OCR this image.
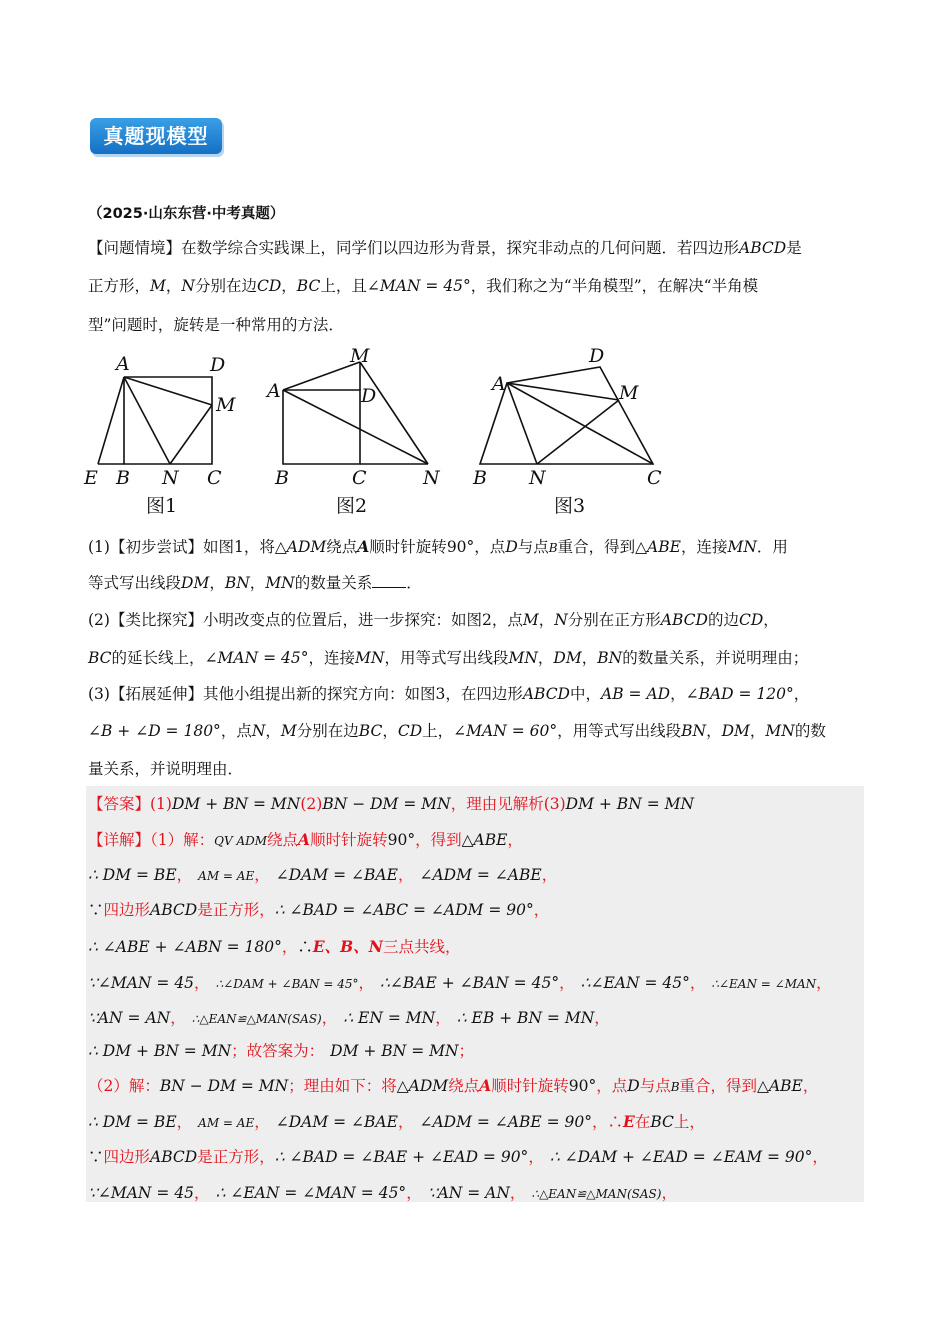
真题现模型
（2025·山东东营·中考真题）
【问题情境】在数学综合实践课上，同学们以四边形为背景，探究非动点的几何问题．若四边形ABCD是
正方形，M，N分别在边CD，BC上，且∠MAN = 45°，我们称之为“半角模型”，在解决“半角模
型”问题时，旋转是一种常用的方法．
A	D
M
E B N C
图1
M
A	D
B	C	N
图2
D
A	M
B N	C
图3
(1)【初步尝试】如图1，将△ADM绕点A顺时针旋转90°，点D与点B重合，得到△ABE，连接MN．用
等式写出线段DM，BN，MN的数量关系 ．
(2)【类比探究】小明改变点的位置后，进一步探究：如图2，点M，N分别在正方形ABCD的边CD，
BC的延长线上，∠MAN = 45°，连接MN，用等式写出线段MN，DM，BN的数量关系，并说明理由；
(3)【拓展延伸】其他小组提出新的探究方向：如图3，在四边形ABCD中，AB = AD，∠BAD = 120°，
∠B + ∠D = 180°，点N，M分别在边BC，CD上，∠MAN = 60°，用等式写出线段BN，DM，MN的数
量关系，并说明理由．
【答案】(1)DM + BN = MN(2)BN − DM = MN，理由见解析(3)DM + BN = MN
【详解】（1）解：QV ADM绕点A顺时针旋转90°，得到△ABE，
∴ DM = BE， AM = AE， ∠DAM = ∠BAE， ∠ADM = ∠ABE，
∵四边形ABCD是正方形，∴ ∠BAD = ∠ABC = ∠ADM = 90°，
∴ ∠ABE + ∠ABN = 180°，∴E、B、N三点共线，
∵∠MAN = 45， ∴∠DAM + ∠BAN = 45°， ∴∠BAE + ∠BAN = 45°， ∴∠EAN = 45°， ∴∠EAN = ∠MAN，
∵AN = AN， ∴△EAN≌△MAN(SAS)， ∴ EN = MN， ∴ EB + BN = MN，
∴ DM + BN = MN；故答案为： DM + BN = MN；
（2）解：BN − DM = MN；理由如下：将△ADM绕点A顺时针旋转90°，点D与点B重合，得到△ABE，
∴ DM = BE， AM = AE， ∠DAM = ∠BAE， ∠ADM = ∠ABE = 90°，∴E在BC上，
∵四边形ABCD是正方形，∴ ∠BAD = ∠BAE + ∠EAD = 90°， ∴ ∠DAM + ∠EAD = ∠EAM = 90°，
∵∠MAN = 45， ∴ ∠EAN = ∠MAN = 45°， ∵AN = AN， ∴△EAN≌△MAN(SAS)，
